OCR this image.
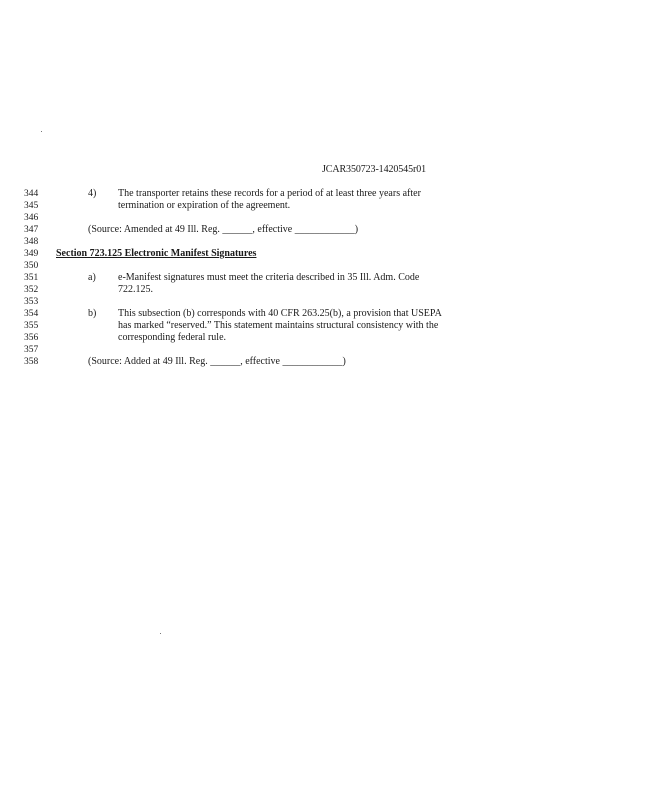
JCAR350723-1420545r01
344	4) The transporter retains these records for a period of at least three years after
345	termination or expiration of the agreement.
346
347	(Source: Amended at 49 Ill. Reg. ______, effective ____________)
348
349	Section 723.125 Electronic Manifest Signatures
350
351	a) e-Manifest signatures must meet the criteria described in 35 Ill. Adm. Code
352	722.125.
353
354	b) This subsection (b) corresponds with 40 CFR 263.25(b), a provision that USEPA
355	has marked “reserved.” This statement maintains structural consistency with the
356	corresponding federal rule.
357
358	(Source: Added at 49 Ill. Reg. ______, effective ____________)
